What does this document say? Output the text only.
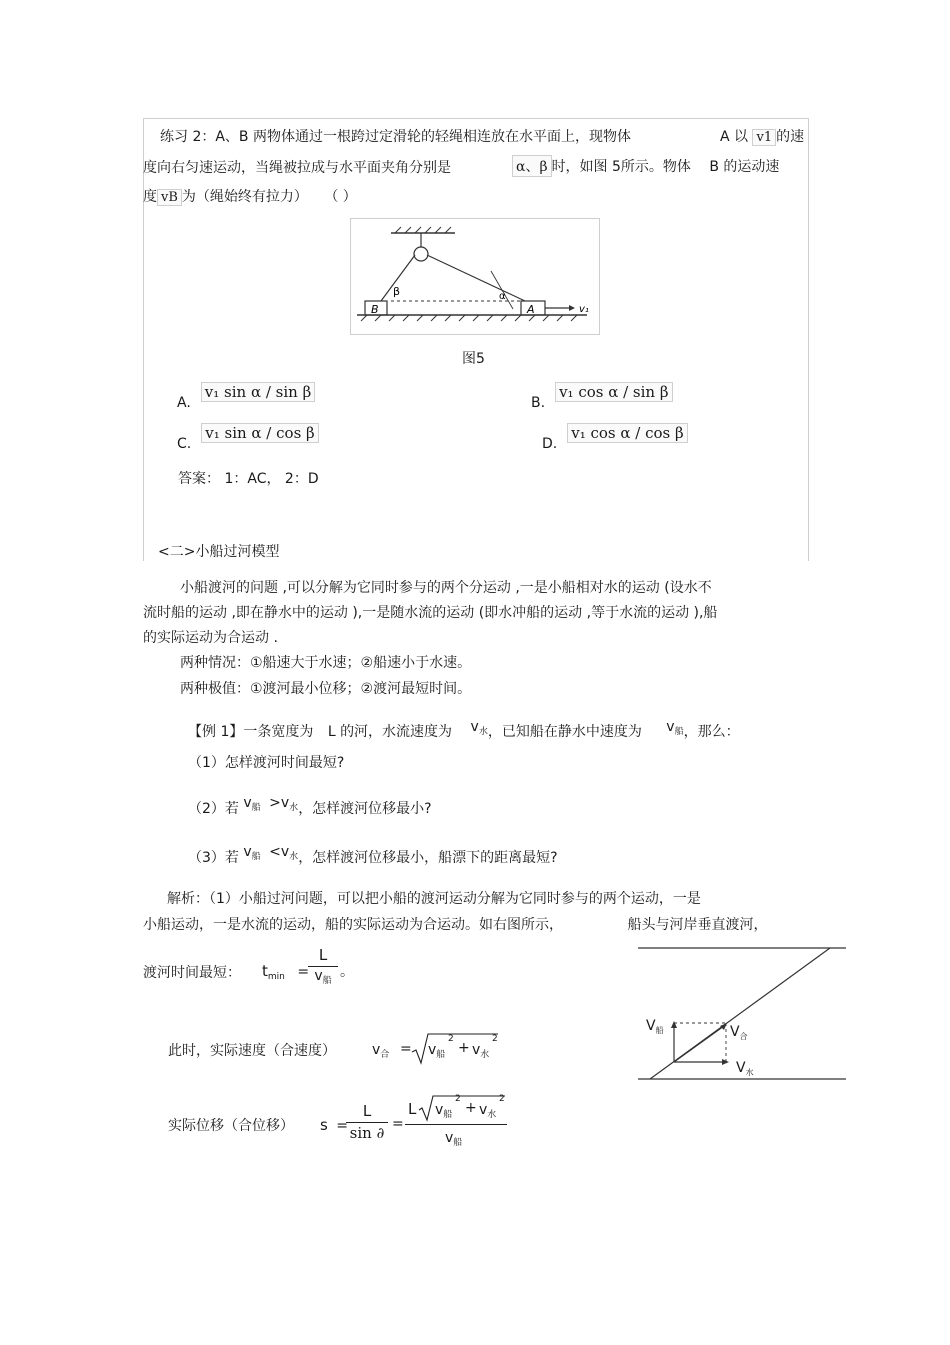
练习 2：A、B 两物体通过一根跨过定滑轮的轻绳相连放在水平面上，现物体	A 以 v1 的速
度向右匀速运动，当绳被拉成与水平面夹角分别是	α、β 时，如图 5所示。物体 B 的运动速
度 vB 为（绳始终有拉力） （ ）
B	A
β	α
v₁
图5
A.v₁ sin α / sin β
B.v₁ cos α / sin β
C.v₁ sin α / cos β
D.v₁ cos α / cos β
答案： 1：AC， 2：D
<二>小船过河模型
小船渡河的问题 ,可以分解为它同时参与的两个分运动 ,一是小船相对水的运动 (设水不
流时船的运动 ,即在静水中的运动 ),一是随水流的运动 (即水冲船的运动 ,等于水流的运动 ),船
的实际运动为合运动 .
两种情况：①船速大于水速；②船速小于水速。
两种极值：①渡河最小位移；②渡河最短时间。
【例 1】一条宽度为 L 的河，水流速度为 $v^水$，已知船在静水中速度为 $v^船$，那么：
（1）怎样渡河时间最短?
（2）若 $v^船 >v^水$，怎样渡河位移最小?
（3）若 $v^船 <v^水$，怎样渡河位移最小，船漂下的距离最短?
解析：（1）小船过河问题，可以把小船的渡河运动分解为它同时参与的两个运动，一是
小船运动，一是水流的运动，船的实际运动为合运动。如右图所示，	船头与河岸垂直渡河，
渡河时间最短： $t_{min}$ =
L
$v_船$
。
此时，实际速度（合速度）	$v_合 = v_船$
2
+ $v_水$
2
实际位移（合位移） s =
L
sin ∂ =
L $v_船$
2
+ $v_水$
2
$v_船$
$V_船$	$V_合$
$V_水$
